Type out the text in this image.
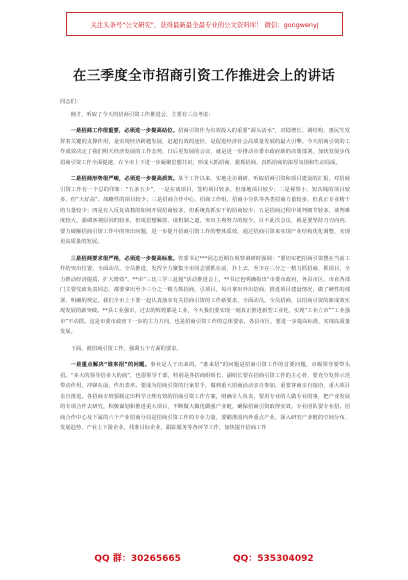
关注头条号"公文研究"，获得最新最全最专业的公文资料库！ 微信：gongwenyj
在三季度全市招商引资工作推进会上的讲话

同志们：

刚才，听取了今天的招商引资工作推进会，主要有三点考虑：

一是招商工作很重要，必须进一步提高站位。招商引资作为有效投入的重要“源头活水”，对稳增长、调结构、惠民生发挥着关键的支撑作用，是实现经济跨越发展，赶超有效的途径，是促进经济社会高质量发展的最大引擎。今天招商引资的工作成效决定了我们明天经济发展的工作态势，日后更发展的会议，就是进一步推动市委市政府新的决策部署，加快发展步伐招商引资工作全面提速，在全市上下进一步凝聚思想共识，形成大抓招商、狠抓招商、真抓招商的浓厚氛围和生动局面。

二是招商形势很严峻，必须进一步提高质效。某个工作以来，实地走访调研，听取招商引资和项目建设的汇报，对招商引资工作有一个总的印象：“五多五少”，一是在谈项目，签约项目较多，但落地项目较少；二是视察小、短次线的项目较多，但“大好高”、战略性的项目较少；三是招商合作中心、招商工作组，招商小分队等各类招商力量较多，但真正专业精干的力量较少；四是有人反复请教的如何开展招商较多，但系统真抓实干的招商较少；五是招商过程中谈判细节较多，谈判难度较大，强调客观原因的较多，但谈思想解放、谈机制之道，突出主观努力的较少。目不此次会议，就是要坚持刀刃向内，要力破解招商引资工作中的突出问题，进一步提升招商引资工作的整体质效，通过招商引资来实现产业结构优化调整，实现更高质量的发展。

三是招商要求很严格，必须进一步提高标准。省委书记***同志近期在视察调研时强调：“要切实把招商引资摆在当前工作的突出位置，全面动员，全员推进，发挥全力聚集全市同志要抓在前，扑上去，至少在三分之一精力抓招商、抓项目，全力推动经济提质，扩大增效”，**市“三比三学三赶超”活动推进会上，**书记也明确指出“市委市政府，各县市区，市直各部门主要党政负责同志，都要拿出至少三分之一精力抓招商，引项目，每月拿出外出招商，推进项目建设情况，做了硬性的部署、明确的规定。我们全市上下要一起认真落实有关招商引资的工作新要求，全面动员，全员招商，以招商引资的新成效实现发展的新突破。**县工业强市，过去的辉煌都是工业，今天我们要实现一刻真正推进新型工业化，实现“工业立市”“工业强市”不动摇。这是市委市政府下一步的主力方向，也是招商引资工作的总体要求，各县市区，要进一步提高标准，实现高质量发展。

下面，就招商引资工作，强调五个方面的要求。

一是重点解决“谁来招”的问题。事业是人干出来的。“谁来招”的问题是招商引资工作的首要问题，市级领导要带头招。“多大的领导招多大的商”，也很领导干部，特别是各招商组组长、副组长要在招商引资工作的主心骨，要充分发挥示范带动作用，冲锋在前，作出表率。要成为招商引资的行家里手，做到重大招商活动亲自参加，重要客商亲自接洽，重大项目亲自推进。各招商专班要制定出科学合理有效的招商引资工作方案，明确专人负责，要用专业的人做专业的事，把产业发展的专项合作去研究，积极谋划和推进重大项目，不断做大做优做强产业链，确保招商引资取得实效。专业团队要专业招。招商合作中心及下属的六个产业招商分局是招商引资工作的专业力量，要瞄准国内外重点产业，深入研究产业链的空间分布、发展趋势、产业上下游企业，找准目标企业，跟踪服务等各环节工作，加快提升招商工作

QQ 群：30265665	QQ：535304092
